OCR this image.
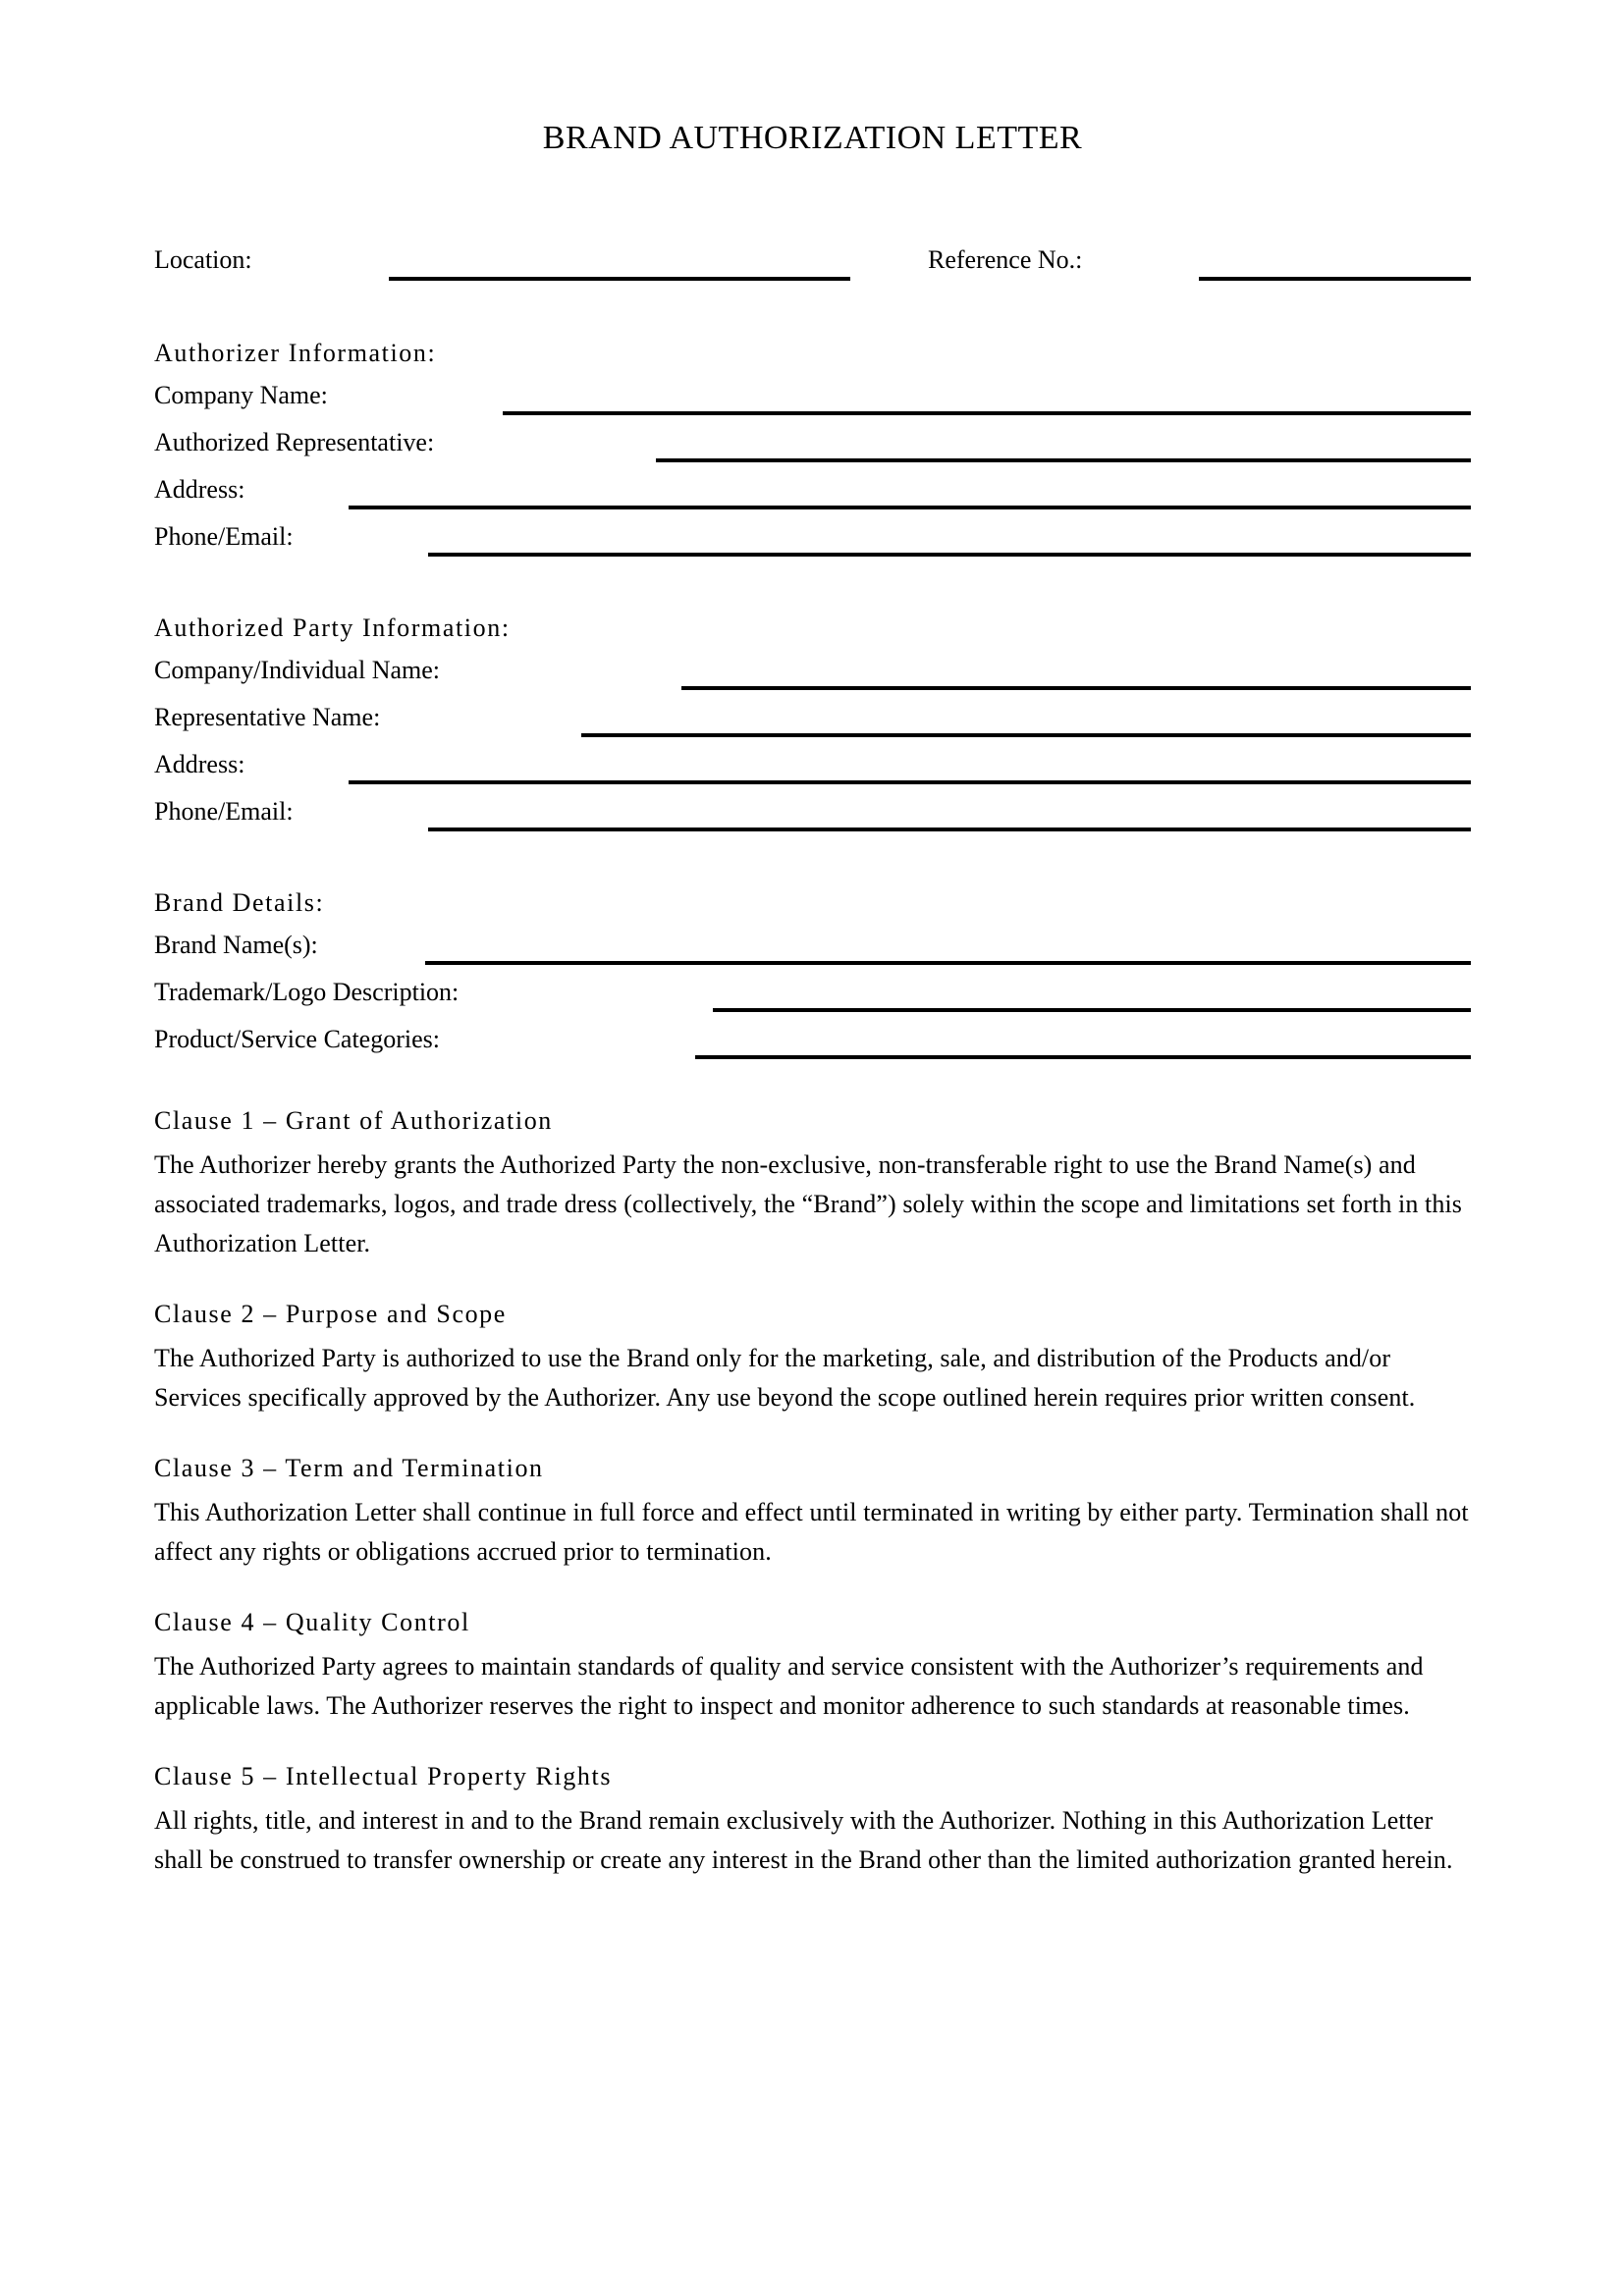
BRAND AUTHORIZATION LETTER
Location:	Reference No.:
Authorizer Information:
Company Name:
Authorized Representative:
Address:
Phone/Email:
Authorized Party Information:
Company/Individual Name:
Representative Name:
Address:
Phone/Email:
Brand Details:
Brand Name(s):
Trademark/Logo Description:
Product/Service Categories:
Clause 1 – Grant of Authorization

The Authorizer hereby grants the Authorized Party the non-exclusive, non-transferable right to use the Brand Name(s) and associated trademarks, logos, and trade dress (collectively, the “Brand”) solely within the scope and limitations set forth in this Authorization Letter.

Clause 2 – Purpose and Scope

The Authorized Party is authorized to use the Brand only for the marketing, sale, and distribution of the Products and/or Services specifically approved by the Authorizer. Any use beyond the scope outlined herein requires prior written consent.

Clause 3 – Term and Termination

This Authorization Letter shall continue in full force and effect until terminated in writing by either party. Termination shall not affect any rights or obligations accrued prior to termination.

Clause 4 – Quality Control

The Authorized Party agrees to maintain standards of quality and service consistent with the Authorizer’s requirements and applicable laws. The Authorizer reserves the right to inspect and monitor adherence to such standards at reasonable times.

Clause 5 – Intellectual Property Rights

All rights, title, and interest in and to the Brand remain exclusively with the Authorizer. Nothing in this Authorization Letter shall be construed to transfer ownership or create any interest in the Brand other than the limited authorization granted herein.
